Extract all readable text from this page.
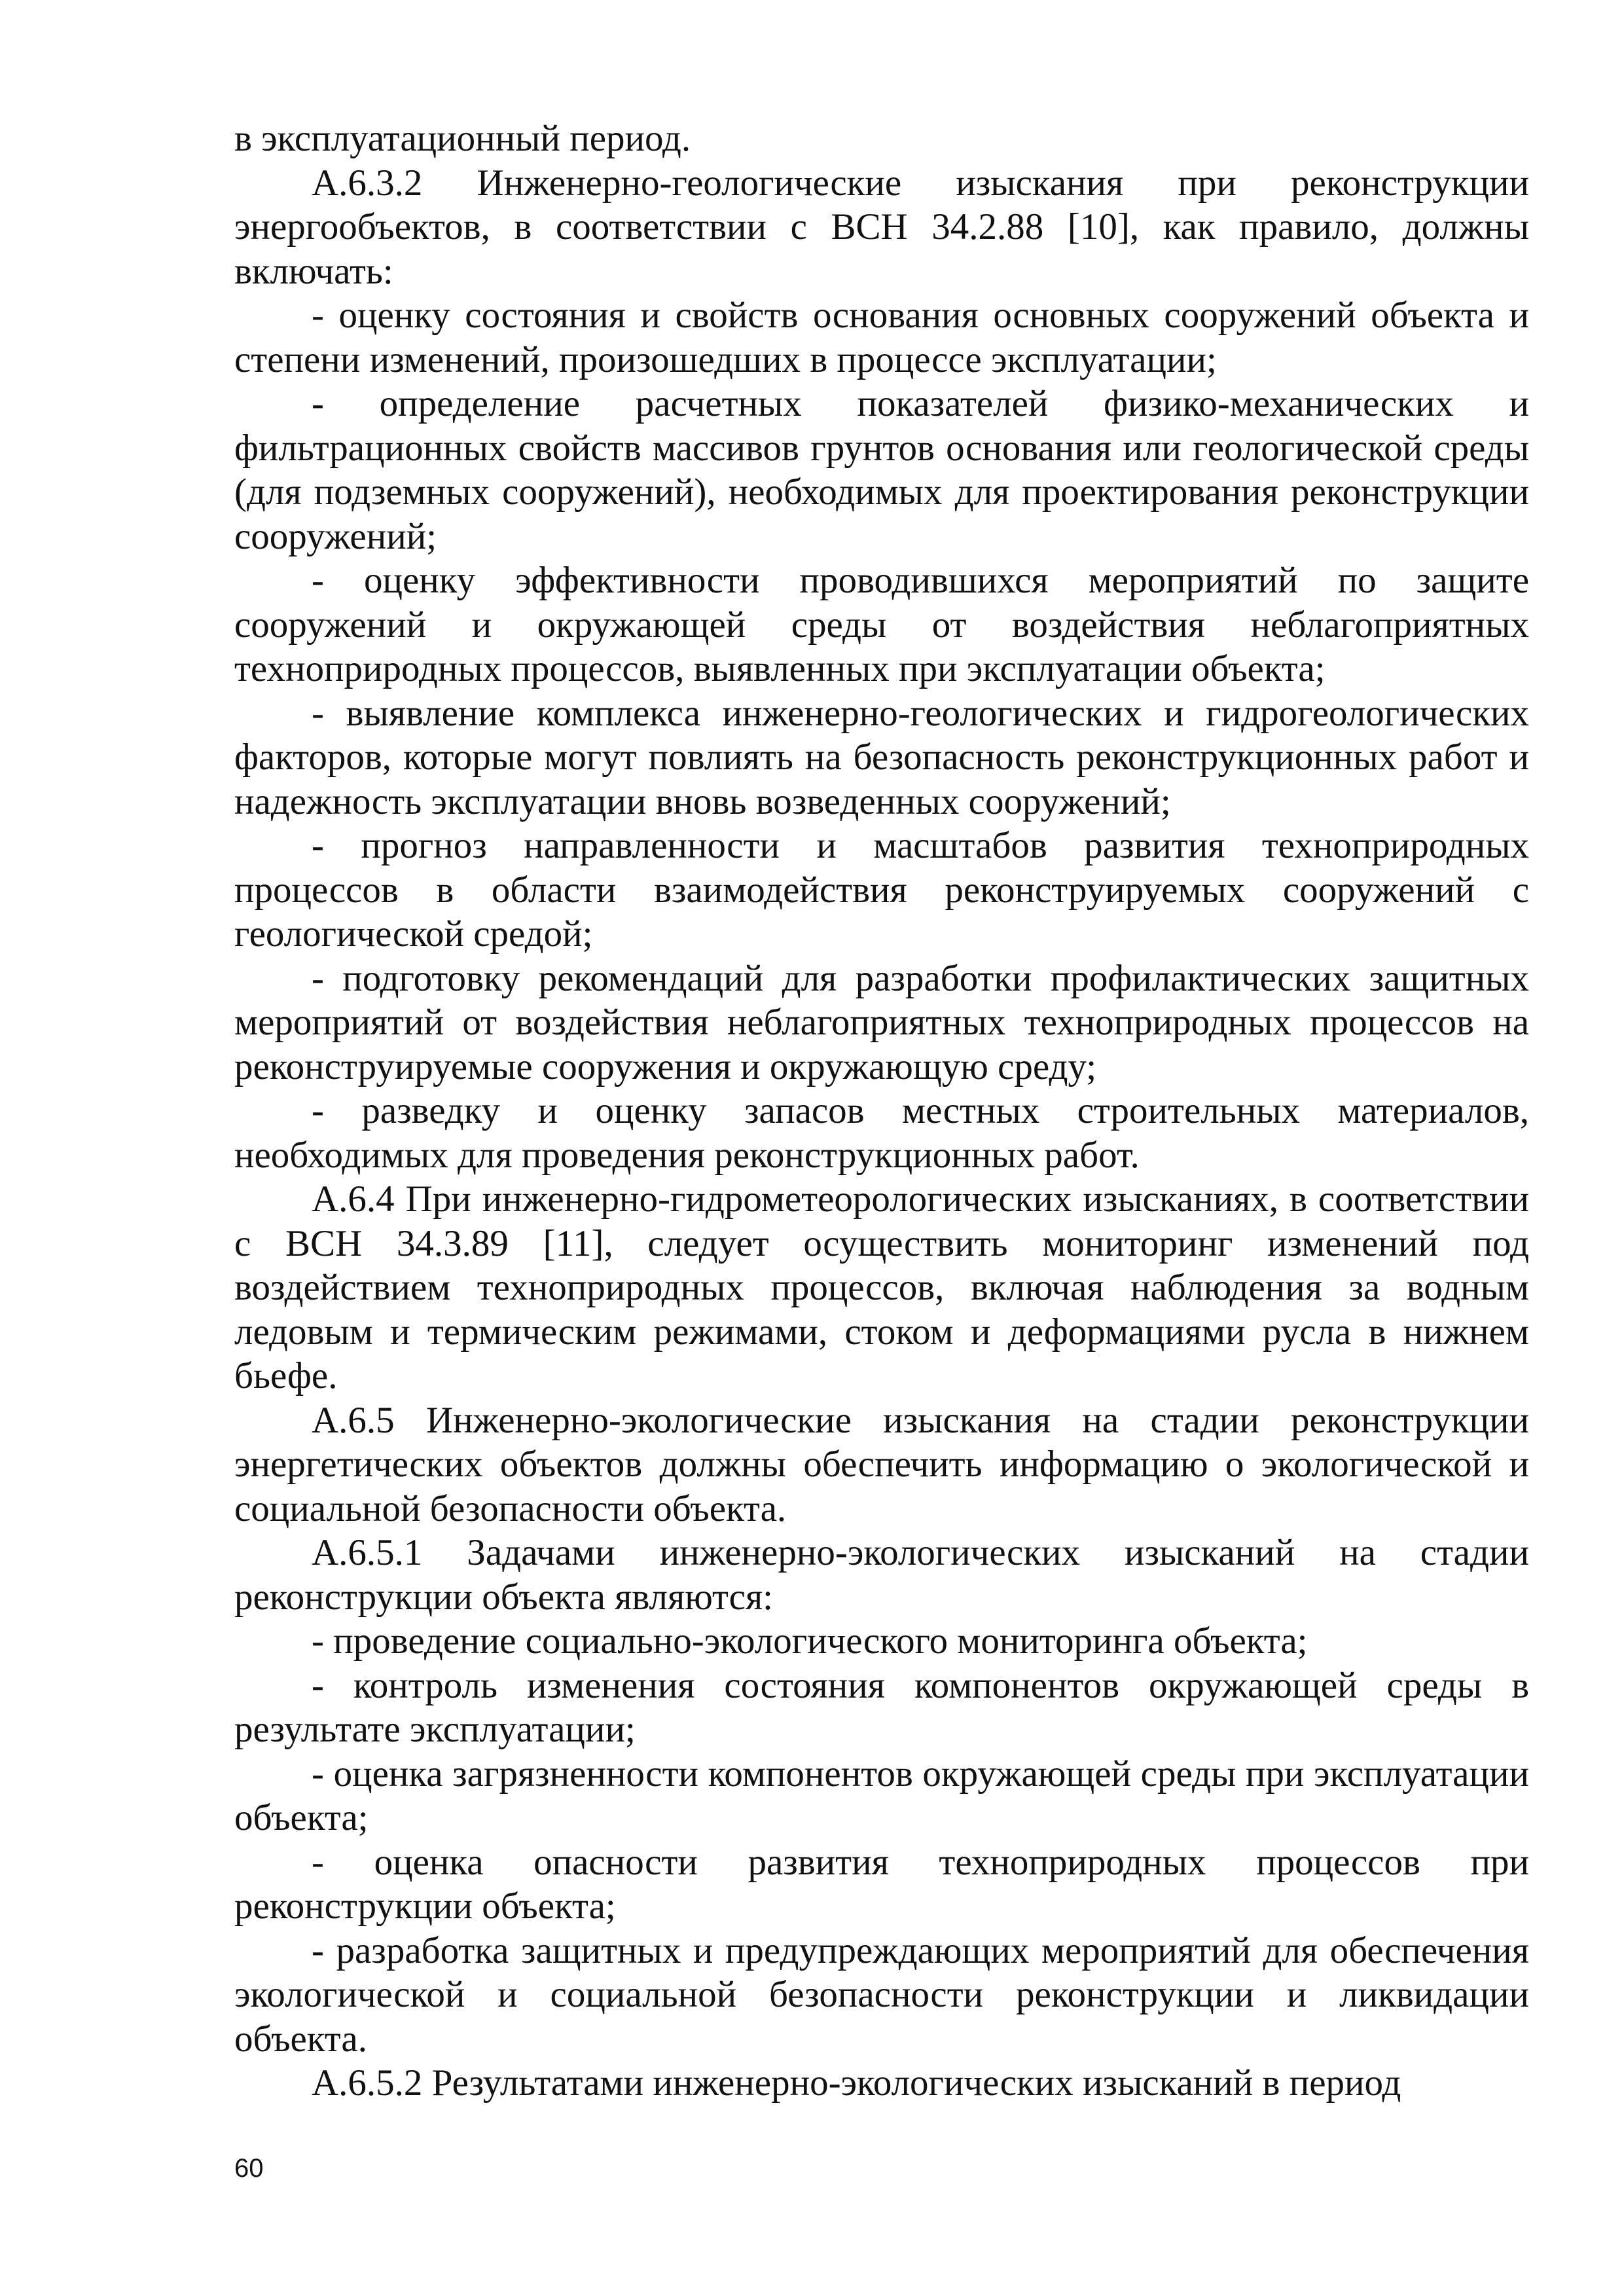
в эксплуатационный период.

А.6.3.2 Инженерно-геологические изыскания при реконструкции энергообъектов, в соответствии с ВСН 34.2.88 [10], как правило, должны включать:

- оценку состояния и свойств основания основных сооружений объекта и степени изменений, произошедших в процессе эксплуатации;

- определение расчетных показателей физико-механических и фильтрационных свойств массивов грунтов основания или геологической среды (для подземных сооружений), необходимых для проектирования реконструкции сооружений;

- оценку эффективности проводившихся мероприятий по защите сооружений и окружающей среды от воздействия неблагоприятных техноприродных процессов, выявленных при эксплуатации объекта;

- выявление комплекса инженерно-геологических и гидрогеологических факторов, которые могут повлиять на безопасность реконструкционных работ и надежность эксплуатации вновь возведенных сооружений;

- прогноз направленности и масштабов развития техноприродных процессов в области взаимодействия реконструируемых сооружений с геологической средой;

- подготовку рекомендаций для разработки профилактических защитных мероприятий от воздействия неблагоприятных техноприродных процессов на реконструируемые сооружения и окружающую среду;

- разведку и оценку запасов местных строительных материалов, необходимых для проведения реконструкционных работ.

А.6.4 При инженерно-гидрометеорологических изысканиях, в соответствии с ВСН 34.3.89 [11], следует осуществить мониторинг изменений под воздействием техноприродных процессов, включая наблюдения за водным ледовым и термическим режимами, стоком и деформациями русла в нижнем бьефе.

А.6.5 Инженерно-экологические изыскания на стадии реконструкции энергетических объектов должны обеспечить информацию о экологической и социальной безопасности объекта.

А.6.5.1 Задачами инженерно-экологических изысканий на стадии реконструкции объекта являются:

- проведение социально-экологического мониторинга объекта;

- контроль изменения состояния компонентов окружающей среды в результате эксплуатации;

- оценка загрязненности компонентов окружающей среды при эксплуатации объекта;

- оценка опасности развития техноприродных процессов при реконструкции объекта;

- разработка защитных и предупреждающих мероприятий для обеспечения экологической и социальной безопасности реконструкции и ликвидации объекта.

А.6.5.2 Результатами инженерно-экологических изысканий в период

60
